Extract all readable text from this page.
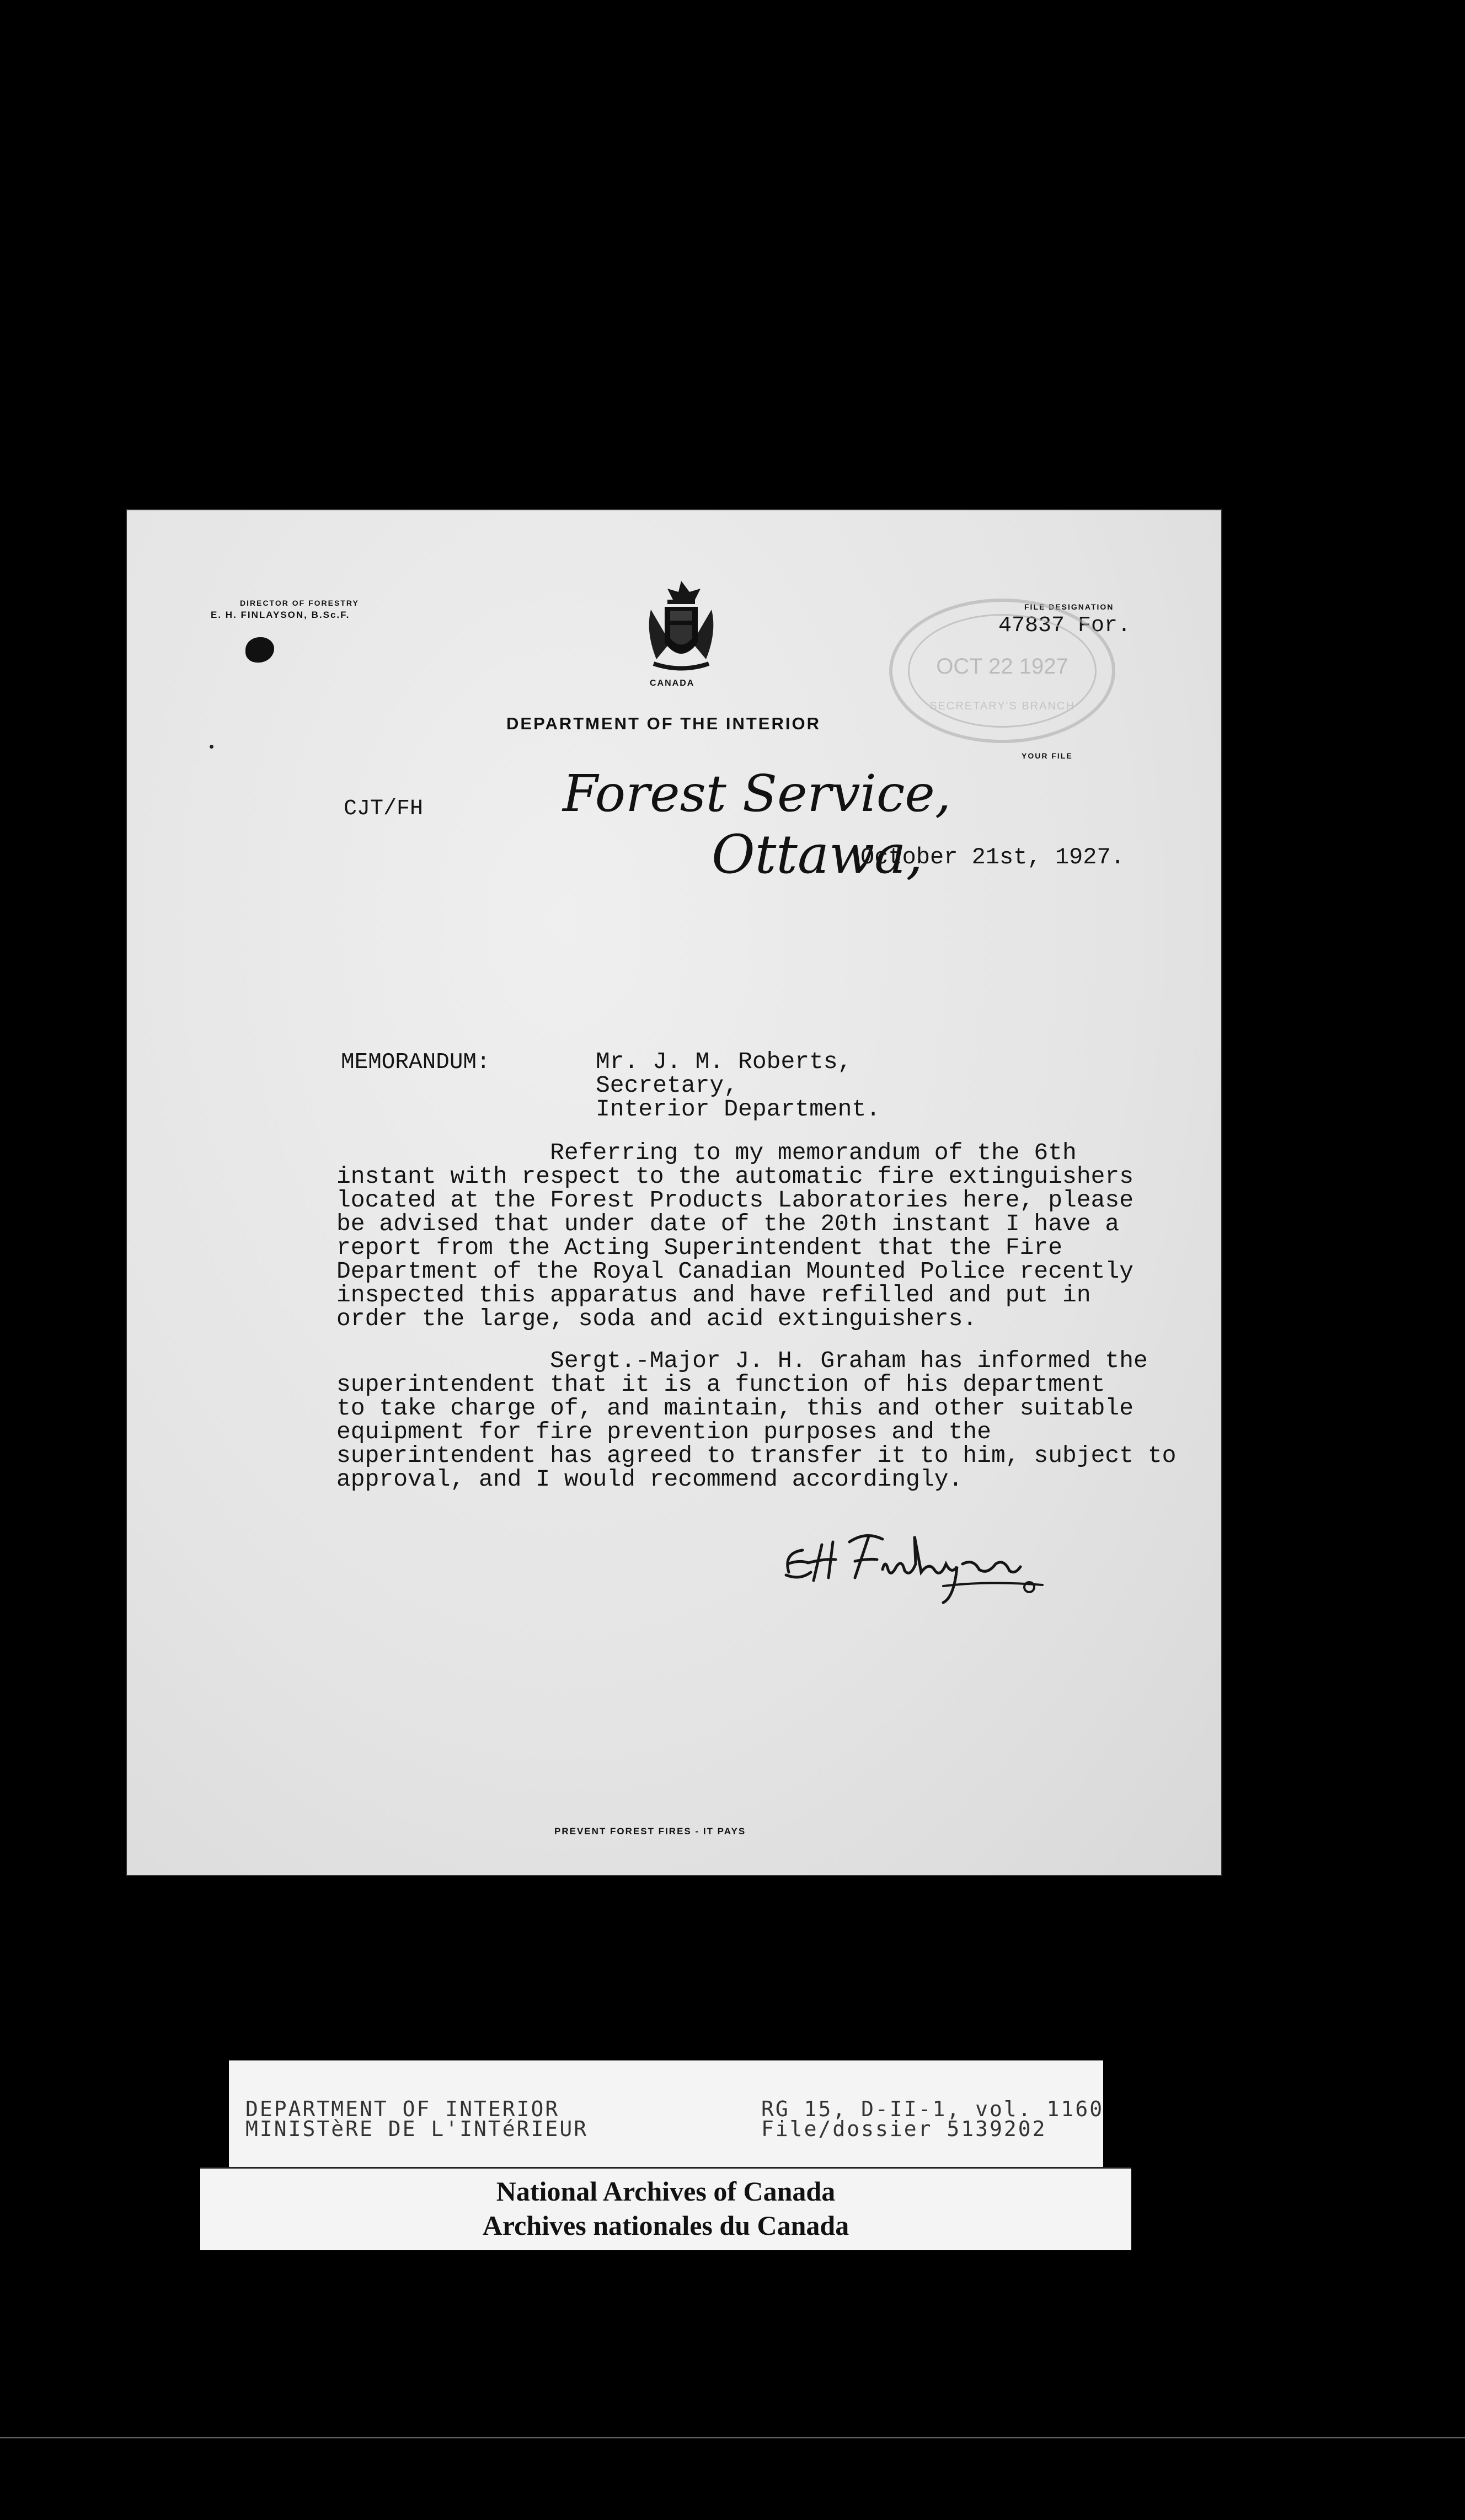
DIRECTOR OF FORESTRY
E. H. FINLAYSON, B.Sc.F.
CANADA
DEPARTMENT OF THE INTERIOR
FILE DESIGNATION
47837 For.
OCT 22 1927
SECRETARY'S BRANCH
YOUR FILE
CJT/FH	Forest Service,
Ottawa,
October 21st, 1927.
MEMORANDUM:	Mr. J. M. Roberts,
Secretary,
Interior Department.
Referring to my memorandum of the 6th
instant with respect to the automatic fire extinguishers
located at the Forest Products Laboratories here, please
be advised that under date of the 20th instant I have a
report from the Acting Superintendent that the Fire
Department of the Royal Canadian Mounted Police recently
inspected this apparatus and have refilled and put in
order the large, soda and acid extinguishers.
Sergt.-Major J. H. Graham has informed the
superintendent that it is a function of his department
to take charge of, and maintain, this and other suitable
equipment for fire prevention purposes and the
superintendent has agreed to transfer it to him, subject to
approval, and I would recommend accordingly.
PREVENT FOREST FIRES - IT PAYS
DEPARTMENT OF INTERIOR
MINISTèRE DE L'INTéRIEUR
RG 15, D-II-1, vol. 1160
File/dossier 5139202
National Archives of Canada
Archives nationales du Canada
